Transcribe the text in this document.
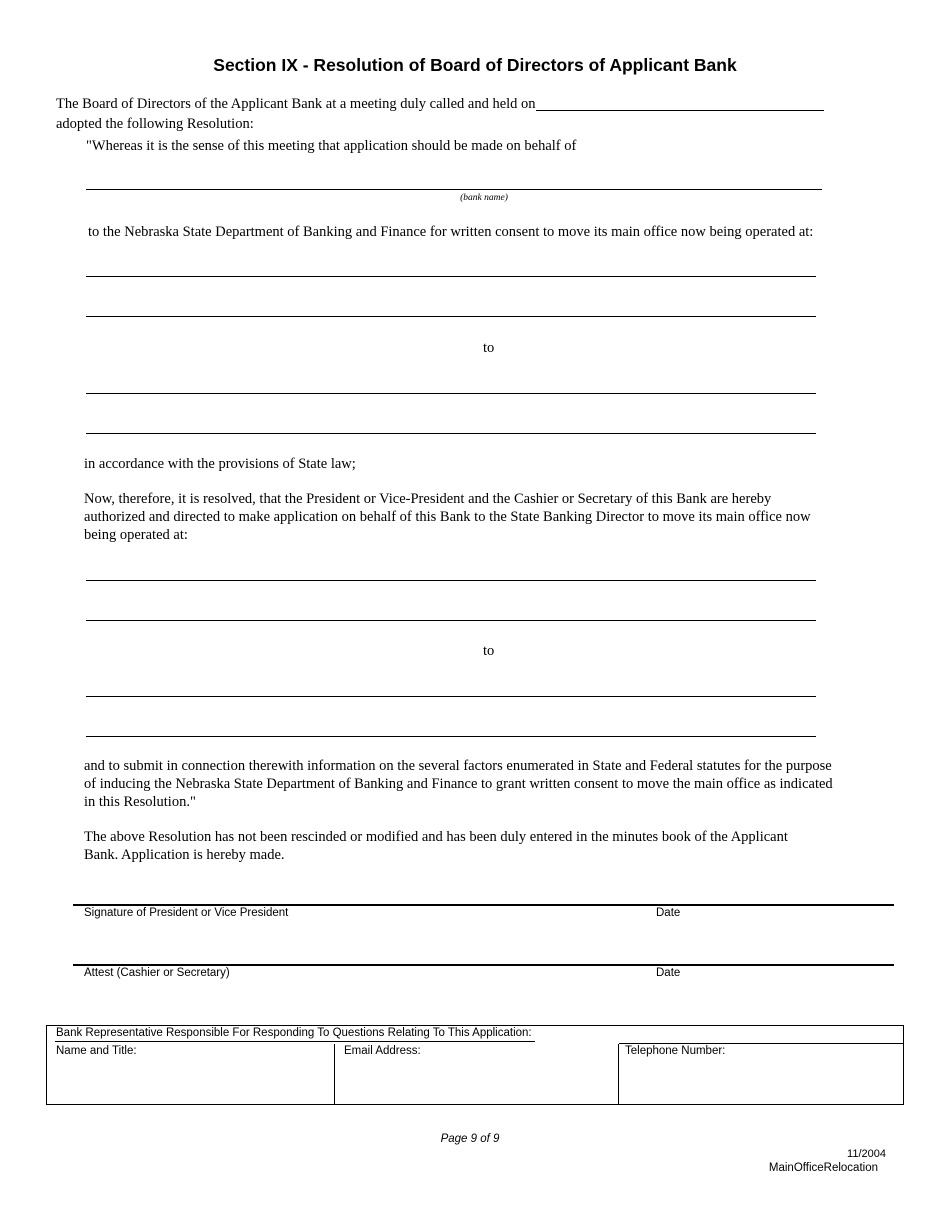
Section IX - Resolution of Board of Directors of Applicant Bank
The Board of Directors of the Applicant Bank at a meeting duly called and held on
adopted the following Resolution:
"Whereas it is the sense of this meeting that application should be made on behalf of
(bank name)
to the Nebraska State Department of Banking and Finance for written consent to move its main office now being operated at:
to
in accordance with the provisions of State law;
Now, therefore, it is resolved, that the President or Vice-President and the Cashier or Secretary of this Bank are hereby authorized and directed to make application on behalf of this Bank to the State Banking Director to move its main office now being operated at:
to
and to submit in connection therewith information on the several factors enumerated in State and Federal statutes for the purpose of inducing the Nebraska State Department of Banking and Finance to grant written consent to move the main office as indicated in this Resolution."
The above Resolution has not been rescinded or modified and has been duly entered in the minutes book of the Applicant Bank. Application is hereby made.
Signature of President or Vice President	Date
Attest (Cashier or Secretary)	Date
Bank Representative Responsible For Responding To Questions Relating To This Application:
Name and Title:	Email Address:	Telephone Number:
Page 9 of 9
11/2004
MainOfficeRelocation
